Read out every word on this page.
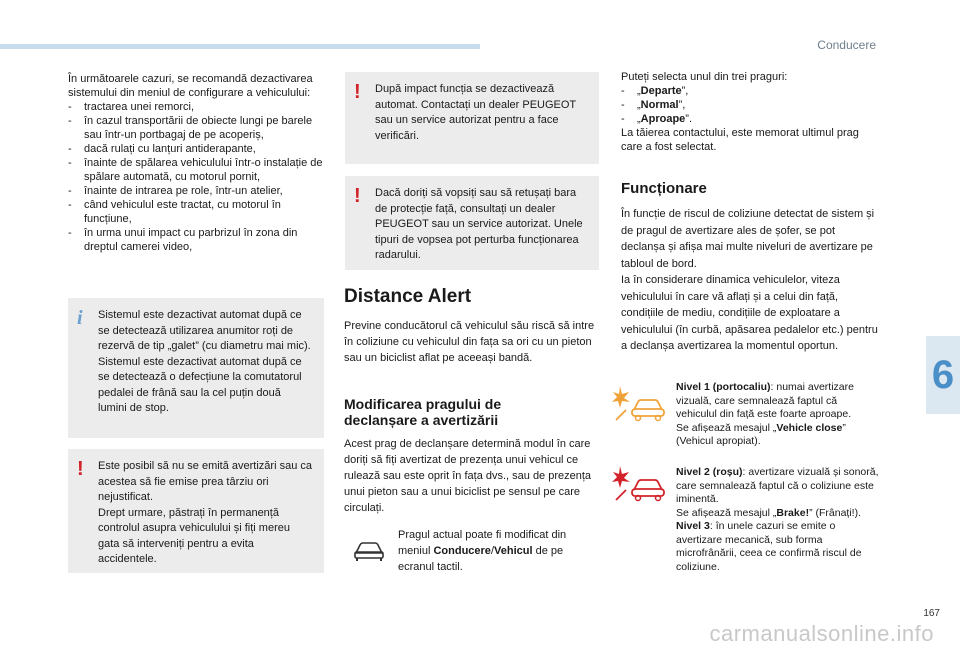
Conducere
6
167
carmanualsonline.info

În următoarele cazuri, se recomandă dezactivarea sistemului din meniul de configurare a vehiculului:

- tractarea unei remorci,
- în cazul transportării de obiecte lungi pe barele sau într-un portbagaj de pe acoperiș,
- dacă rulați cu lanțuri antiderapante,
- înainte de spălarea vehiculului într-o instalație de spălare automată, cu motorul pornit,
- înainte de intrarea pe role, într-un atelier,
- când vehiculul este tractat, cu motorul în funcțiune,
- în urma unui impact cu parbrizul în zona din dreptul camerei video,
i Sistemul este dezactivat automat după ce se detectează utilizarea anumitor roți de rezervă de tip „galet” (cu diametru mai mic).
Sistemul este dezactivat automat după ce se detectează o defecțiune la comutatorul pedalei de frână sau la cel puțin două lumini de stop.

! Este posibil să nu se emită avertizări sau ca acestea să fie emise prea târziu ori nejustificat.
Drept urmare, păstrați în permanență controlul asupra vehiculului și fiți mereu gata să interveniți pentru a evita accidentele.

! După impact funcția se dezactivează automat. Contactați un dealer PEUGEOT sau un service autorizat pentru a face verificări.

! Dacă doriți să vopsiți sau să retușați bara de protecție față, consultați un dealer PEUGEOT sau un service autorizat. Unele tipuri de vopsea pot perturba funcționarea radarului.

Distance Alert
Previne conducătorul că vehiculul său riscă să intre în coliziune cu vehiculul din fața sa ori cu un pieton sau un biciclist aflat pe aceeași bandă.
Modificarea pragului de
declanșare a avertizării
Acest prag de declanșare determină modul în care doriți să fiți avertizat de prezența unui vehicul ce rulează sau este oprit în fața dvs., sau de prezența unui pieton sau a unui biciclist pe sensul pe care circulați.
Pragul actual poate fi modificat din meniul Conducere/Vehicul de pe ecranul tactil.

Puteți selecta unul din trei praguri:

- „Departe”,
- „Normal”,
- „Aproape”.

La tăierea contactului, este memorat ultimul prag care a fost selectat.

Funcționare
În funcție de riscul de coliziune detectat de sistem și de pragul de avertizare ales de șofer, se pot declanșa și afișa mai multe niveluri de avertizare pe tabloul de bord.
Ia în considerare dinamica vehiculelor, viteza vehiculului în care vă aflați și a celui din față, condițiile de mediu, condițiile de exploatare a vehiculului (în curbă, apăsarea pedalelor etc.) pentru a declanșa avertizarea la momentul oportun.
Nivel 1 (portocaliu): numai avertizare vizuală, care semnalează faptul că vehiculul din față este foarte aproape.
Se afișează mesajul „Vehicle close” (Vehicul apropiat).
Nivel 2 (roșu): avertizare vizuală și sonoră, care semnalează faptul că o coliziune este iminentă.
Se afișează mesajul „Brake!” (Frânați!).
Nivel 3: în unele cazuri se emite o avertizare mecanică, sub forma microfrânării, ceea ce confirmă riscul de coliziune.
